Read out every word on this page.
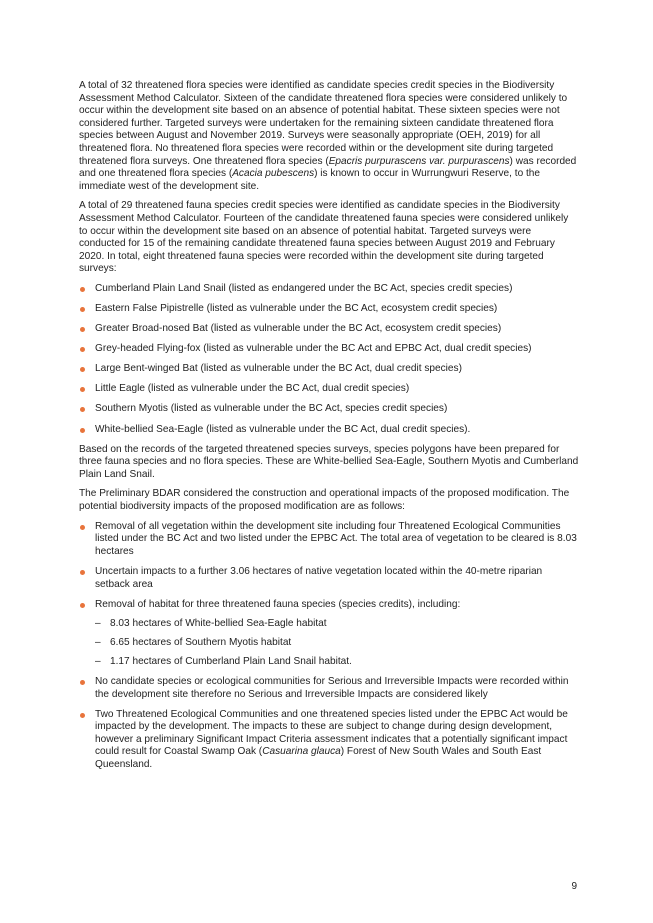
A total of 32 threatened flora species were identified as candidate species credit species in the Biodiversity Assessment Method Calculator. Sixteen of the candidate threatened flora species were considered unlikely to occur within the development site based on an absence of potential habitat. These sixteen species were not considered further. Targeted surveys were undertaken for the remaining sixteen candidate threatened flora species between August and November 2019. Surveys were seasonally appropriate (OEH, 2019) for all threatened flora. No threatened flora species were recorded within or the development site during targeted threatened flora surveys. One threatened flora species (Epacris purpurascens var. purpurascens) was recorded and one threatened flora species (Acacia pubescens) is known to occur in Wurrungwuri Reserve, to the immediate west of the development site.

A total of 29 threatened fauna species credit species were identified as candidate species in the Biodiversity Assessment Method Calculator. Fourteen of the candidate threatened fauna species were considered unlikely to occur within the development site based on an absence of potential habitat. Targeted surveys were conducted for 15 of the remaining candidate threatened fauna species between August 2019 and February 2020. In total, eight threatened fauna species were recorded within the development site during targeted surveys:

Cumberland Plain Land Snail (listed as endangered under the BC Act, species credit species)
Eastern False Pipistrelle (listed as vulnerable under the BC Act, ecosystem credit species)
Greater Broad-nosed Bat (listed as vulnerable under the BC Act, ecosystem credit species)
Grey-headed Flying-fox (listed as vulnerable under the BC Act and EPBC Act, dual credit species)
Large Bent-winged Bat (listed as vulnerable under the BC Act, dual credit species)
Little Eagle (listed as vulnerable under the BC Act, dual credit species)
Southern Myotis (listed as vulnerable under the BC Act, species credit species)
White-bellied Sea-Eagle (listed as vulnerable under the BC Act, dual credit species).

Based on the records of the targeted threatened species surveys, species polygons have been prepared for three fauna species and no flora species. These are White-bellied Sea-Eagle, Southern Myotis and Cumberland Plain Land Snail.

The Preliminary BDAR considered the construction and operational impacts of the proposed modification. The potential biodiversity impacts of the proposed modification are as follows:

Removal of all vegetation within the development site including four Threatened Ecological Communities listed under the BC Act and two listed under the EPBC Act. The total area of vegetation to be cleared is 8.03 hectares
Uncertain impacts to a further 3.06 hectares of native vegetation located within the 40-metre riparian setback area
Removal of habitat for three threatened fauna species (species credits), including:
– 8.03 hectares of White-bellied Sea-Eagle habitat
– 6.65 hectares of Southern Myotis habitat
– 1.17 hectares of Cumberland Plain Land Snail habitat.
No candidate species or ecological communities for Serious and Irreversible Impacts were recorded within the development site therefore no Serious and Irreversible Impacts are considered likely
Two Threatened Ecological Communities and one threatened species listed under the EPBC Act would be impacted by the development. The impacts to these are subject to change during design development, however a preliminary Significant Impact Criteria assessment indicates that a potentially significant impact could result for Coastal Swamp Oak (Casuarina glauca) Forest of New South Wales and South East Queensland.
9
